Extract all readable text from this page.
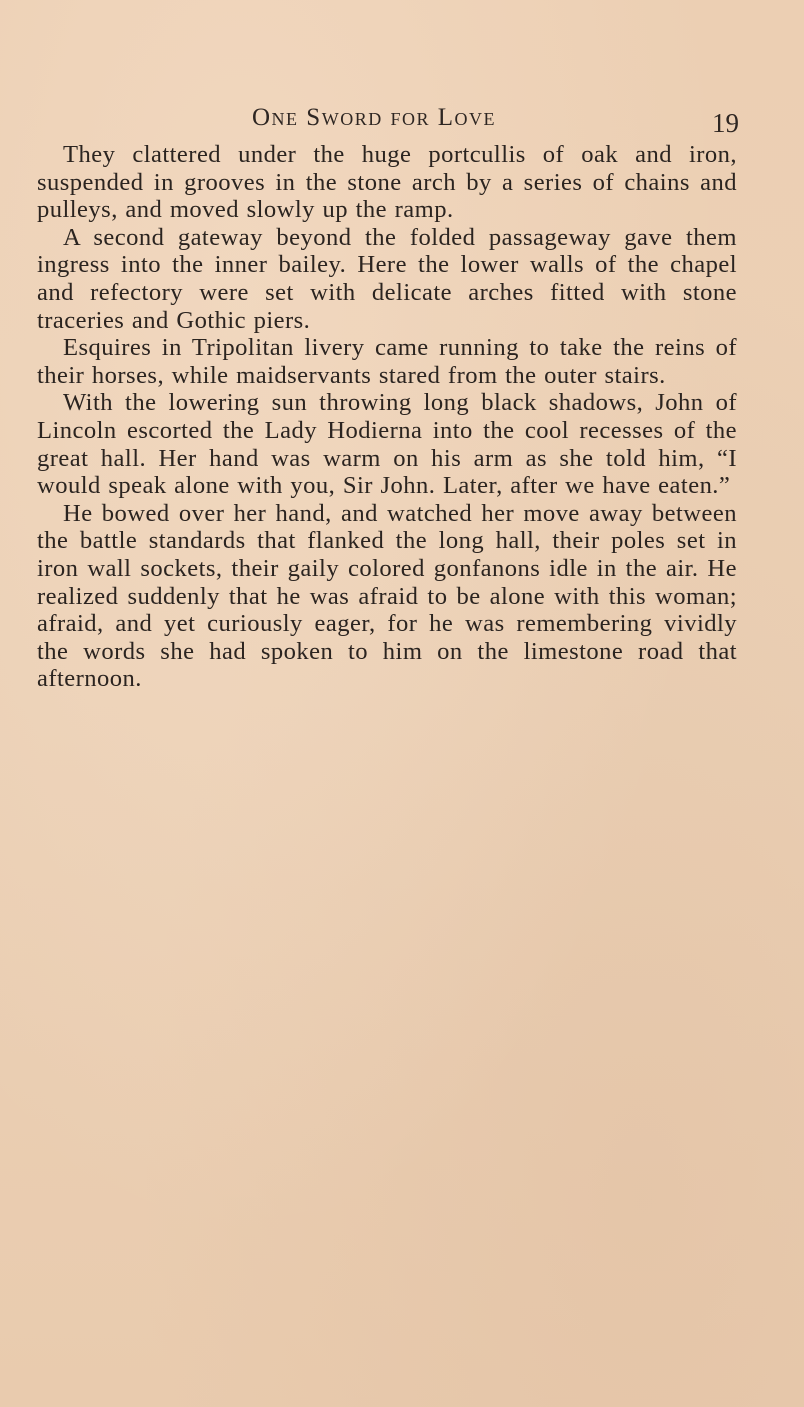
One Sword for Love	19

They clattered under the huge portcullis of oak and iron, suspended in grooves in the stone arch by a series of chains and pulleys, and moved slowly up the ramp.

A second gateway beyond the folded passageway gave them ingress into the inner bailey. Here the lower walls of the chapel and refectory were set with delicate arches fitted with stone traceries and Gothic piers.

Esquires in Tripolitan livery came running to take the reins of their horses, while maidservants stared from the outer stairs.

With the lowering sun throwing long black shadows, John of Lincoln escorted the Lady Hodierna into the cool recesses of the great hall. Her hand was warm on his arm as she told him, “I would speak alone with you, Sir John. Later, after we have eaten.”

He bowed over her hand, and watched her move away between the battle standards that flanked the long hall, their poles set in iron wall sockets, their gaily colored gonfanons idle in the air. He realized suddenly that he was afraid to be alone with this woman; afraid, and yet curiously eager, for he was remembering vividly the words she had spoken to him on the limestone road that afternoon.
